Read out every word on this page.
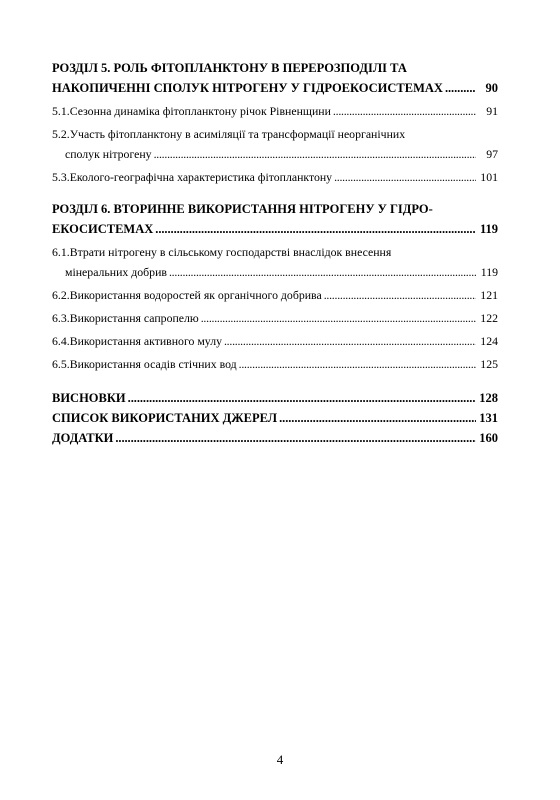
РОЗДІЛ 5. РОЛЬ ФІТОПЛАНКТОНУ В ПЕРЕРОЗПОДІЛІ ТА
НАКОПИЧЕННІ СПОЛУК НІТРОГЕНУ У ГІДРОЕКОСИСТЕМАХ . . .	90
5.1.Сезонна динаміка фітопланктону річок Рівненщини . . .	91
5.2.Участь фітопланктону в асиміляції та трансформації неорганічних
сполук нітрогену . . .	97
5.3.Еколого-географічна характеристика фітопланктону . . .	101
РОЗДІЛ 6. ВТОРИННЕ ВИКОРИСТАННЯ НІТРОГЕНУ У ГІДРО-
ЕКОСИСТЕМАХ . . .	119
6.1.Втрати нітрогену в сільському господарстві внаслідок внесення
мінеральних добрив . . .	119
6.2.Використання водоростей як органічного добрива . . .	121
6.3.Використання сапропелю . . .	122
6.4.Використання активного мулу . . .	124
6.5.Використання осадів стічних вод . . .	125
ВИСНОВКИ . . .	128
СПИСОК ВИКОРИСТАНИХ ДЖЕРЕЛ . . .	131
ДОДАТКИ . . .	160
4
